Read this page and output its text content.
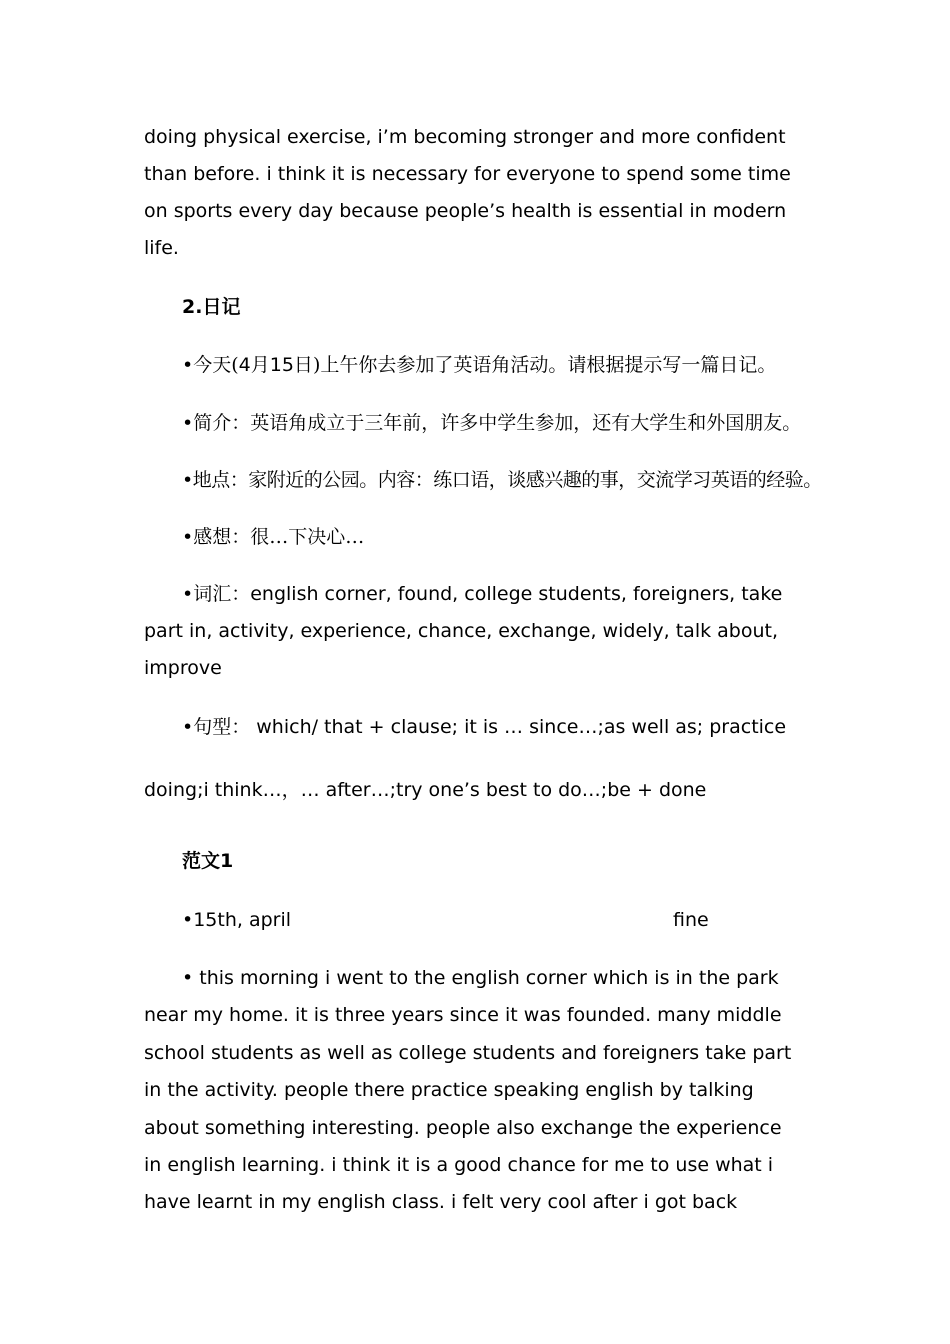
doing physical exercise, i’m becoming stronger and more confident
than before. i think it is necessary for everyone to spend some time
on sports every day because people’s health is essential in modern
life.
2.日记
•今天(4月15日)上午你去参加了英语角活动。请根据提示写一篇日记。
•简介：英语角成立于三年前，许多中学生参加，还有大学生和外国朋友。
•地点：家附近的公园。内容：练口语，谈感兴趣的事，交流学习英语的经验。
•感想：很…下决心…
•词汇：english corner, found, college students, foreigners, take
part in, activity, experience, chance, exchange, widely, talk about,
improve
•句型： which/ that + clause; it is … since…;as well as; practice
doing;i think…，… after…;try one’s best to do…;be + done
范文1
•15th, april	fine
• this morning i went to the english corner which is in the park
near my home. it is three years since it was founded. many middle
school students as well as college students and foreigners take part
in the activity. people there practice speaking english by talking
about something interesting. people also exchange the experience
in english learning. i think it is a good chance for me to use what i
have learnt in my english class. i felt very cool after i got back
